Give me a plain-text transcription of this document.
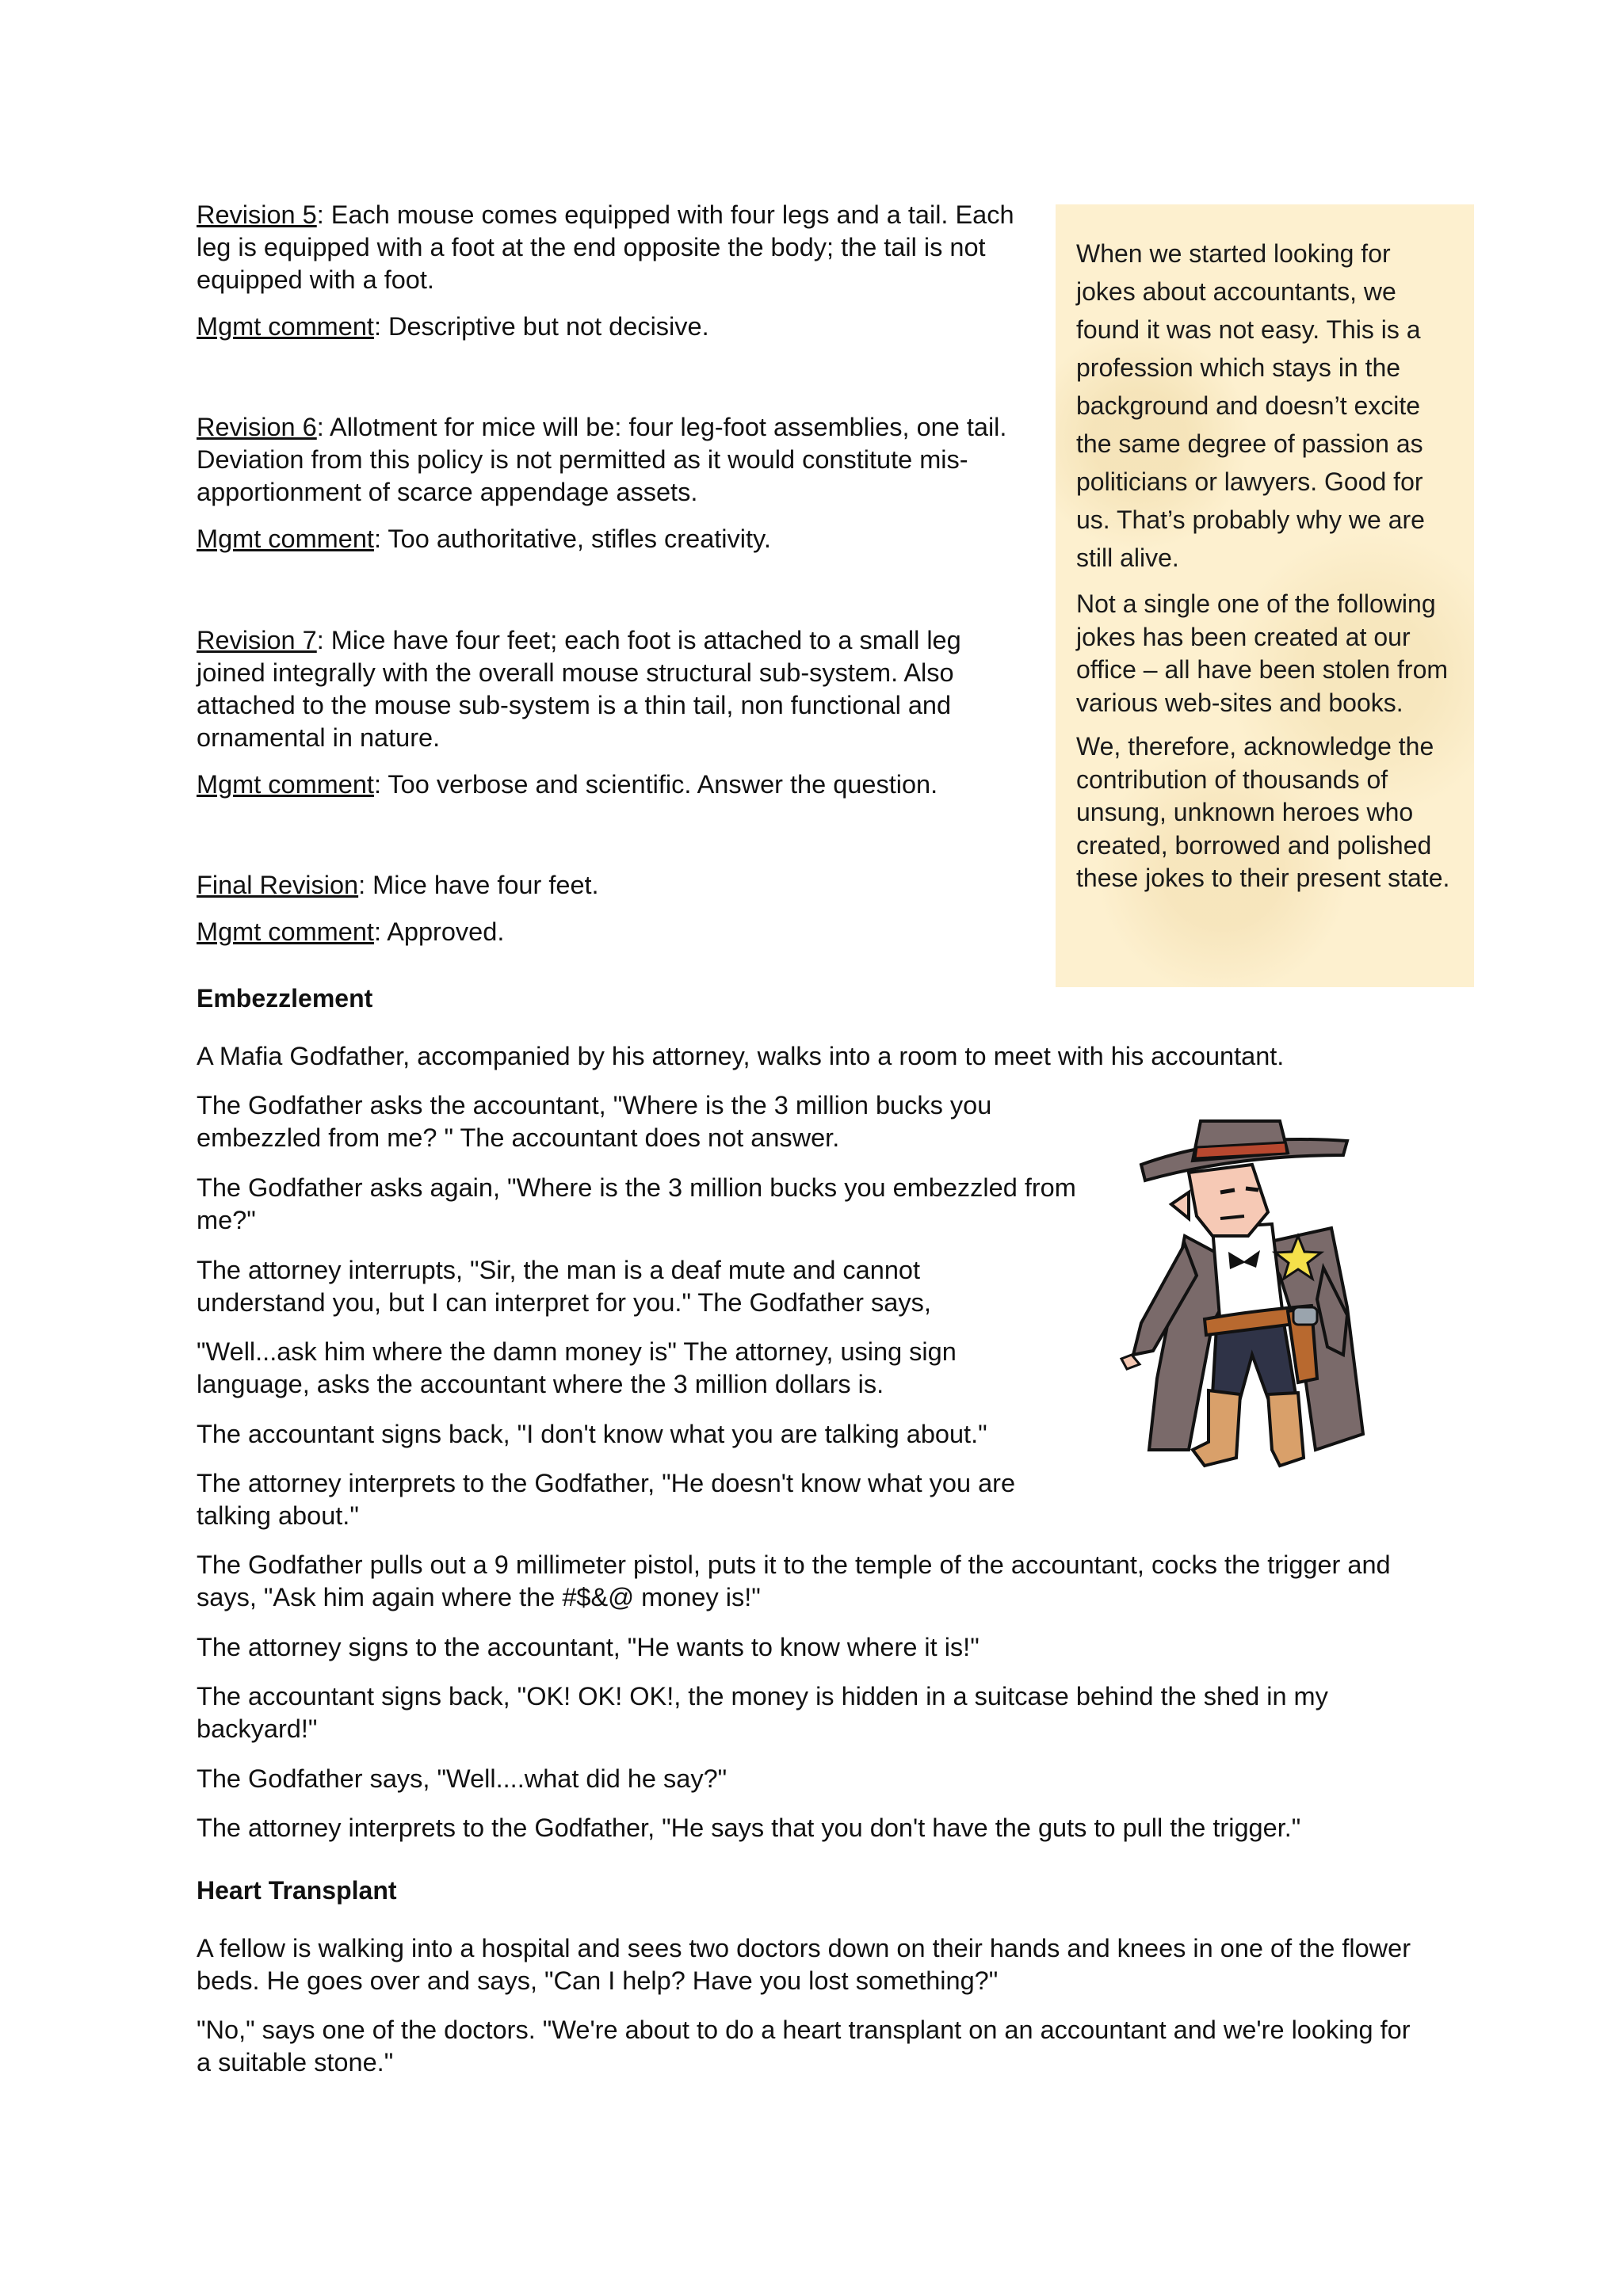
Revision 5: Each mouse comes equipped with four legs and a tail. Each leg is equipped with a foot at the end opposite the body; the tail is not equipped with a foot.

Mgmt comment: Descriptive but not decisive.

Revision 6: Allotment for mice will be: four leg-foot assemblies, one tail. Deviation from this policy is not permitted as it would constitute mis-apportionment of scarce appendage assets.

Mgmt comment: Too authoritative, stifles creativity.

Revision 7: Mice have four feet; each foot is attached to a small leg joined integrally with the overall mouse structural sub-system. Also attached to the mouse sub-system is a thin tail, non functional and ornamental in nature.

Mgmt comment: Too verbose and scientific. Answer the question.

Final Revision: Mice have four feet.

Mgmt comment: Approved.

When we started looking for jokes about accountants, we found it was not easy. This is a profession which stays in the background and doesn’t excite the same degree of passion as politicians or lawyers. Good for us. That’s probably why we are still alive.

Not a single one of the following jokes has been created at our office – all have been stolen from various web-sites and books.

We, therefore, acknowledge the contribution of thousands of unsung, unknown heroes who created, borrowed and polished these jokes to their present state.

Embezzlement

A Mafia Godfather, accompanied by his attorney, walks into a room to meet with his accountant.

The Godfather asks the accountant, "Where is the 3 million bucks you embezzled from me? " The accountant does not answer.

The Godfather asks again, "Where is the 3 million bucks you embezzled from me?"

The attorney interrupts, "Sir, the man is a deaf mute and cannot understand you, but I can interpret for you." The Godfather says,

"Well...ask him where the damn money is" The attorney, using sign language, asks the accountant where the 3 million dollars is.

The accountant signs back, "I don't know what you are talking about."

The attorney interprets to the Godfather, "He doesn't know what you are talking about."

The Godfather pulls out a 9 millimeter pistol, puts it to the temple of the accountant, cocks the trigger and says, "Ask him again where the #$&@ money is!"

The attorney signs to the accountant, "He wants to know where it is!"

The accountant signs back, "OK! OK! OK!, the money is hidden in a suitcase behind the shed in my backyard!"

The Godfather says, "Well....what did he say?"

The attorney interprets to the Godfather, "He says that you don't have the guts to pull the trigger."

Heart Transplant

A fellow is walking into a hospital and sees two doctors down on their hands and knees in one of the flower beds. He goes over and says, "Can I help? Have you lost something?"

"No," says one of the doctors. "We're about to do a heart transplant on an accountant and we're looking for a suitable stone."
